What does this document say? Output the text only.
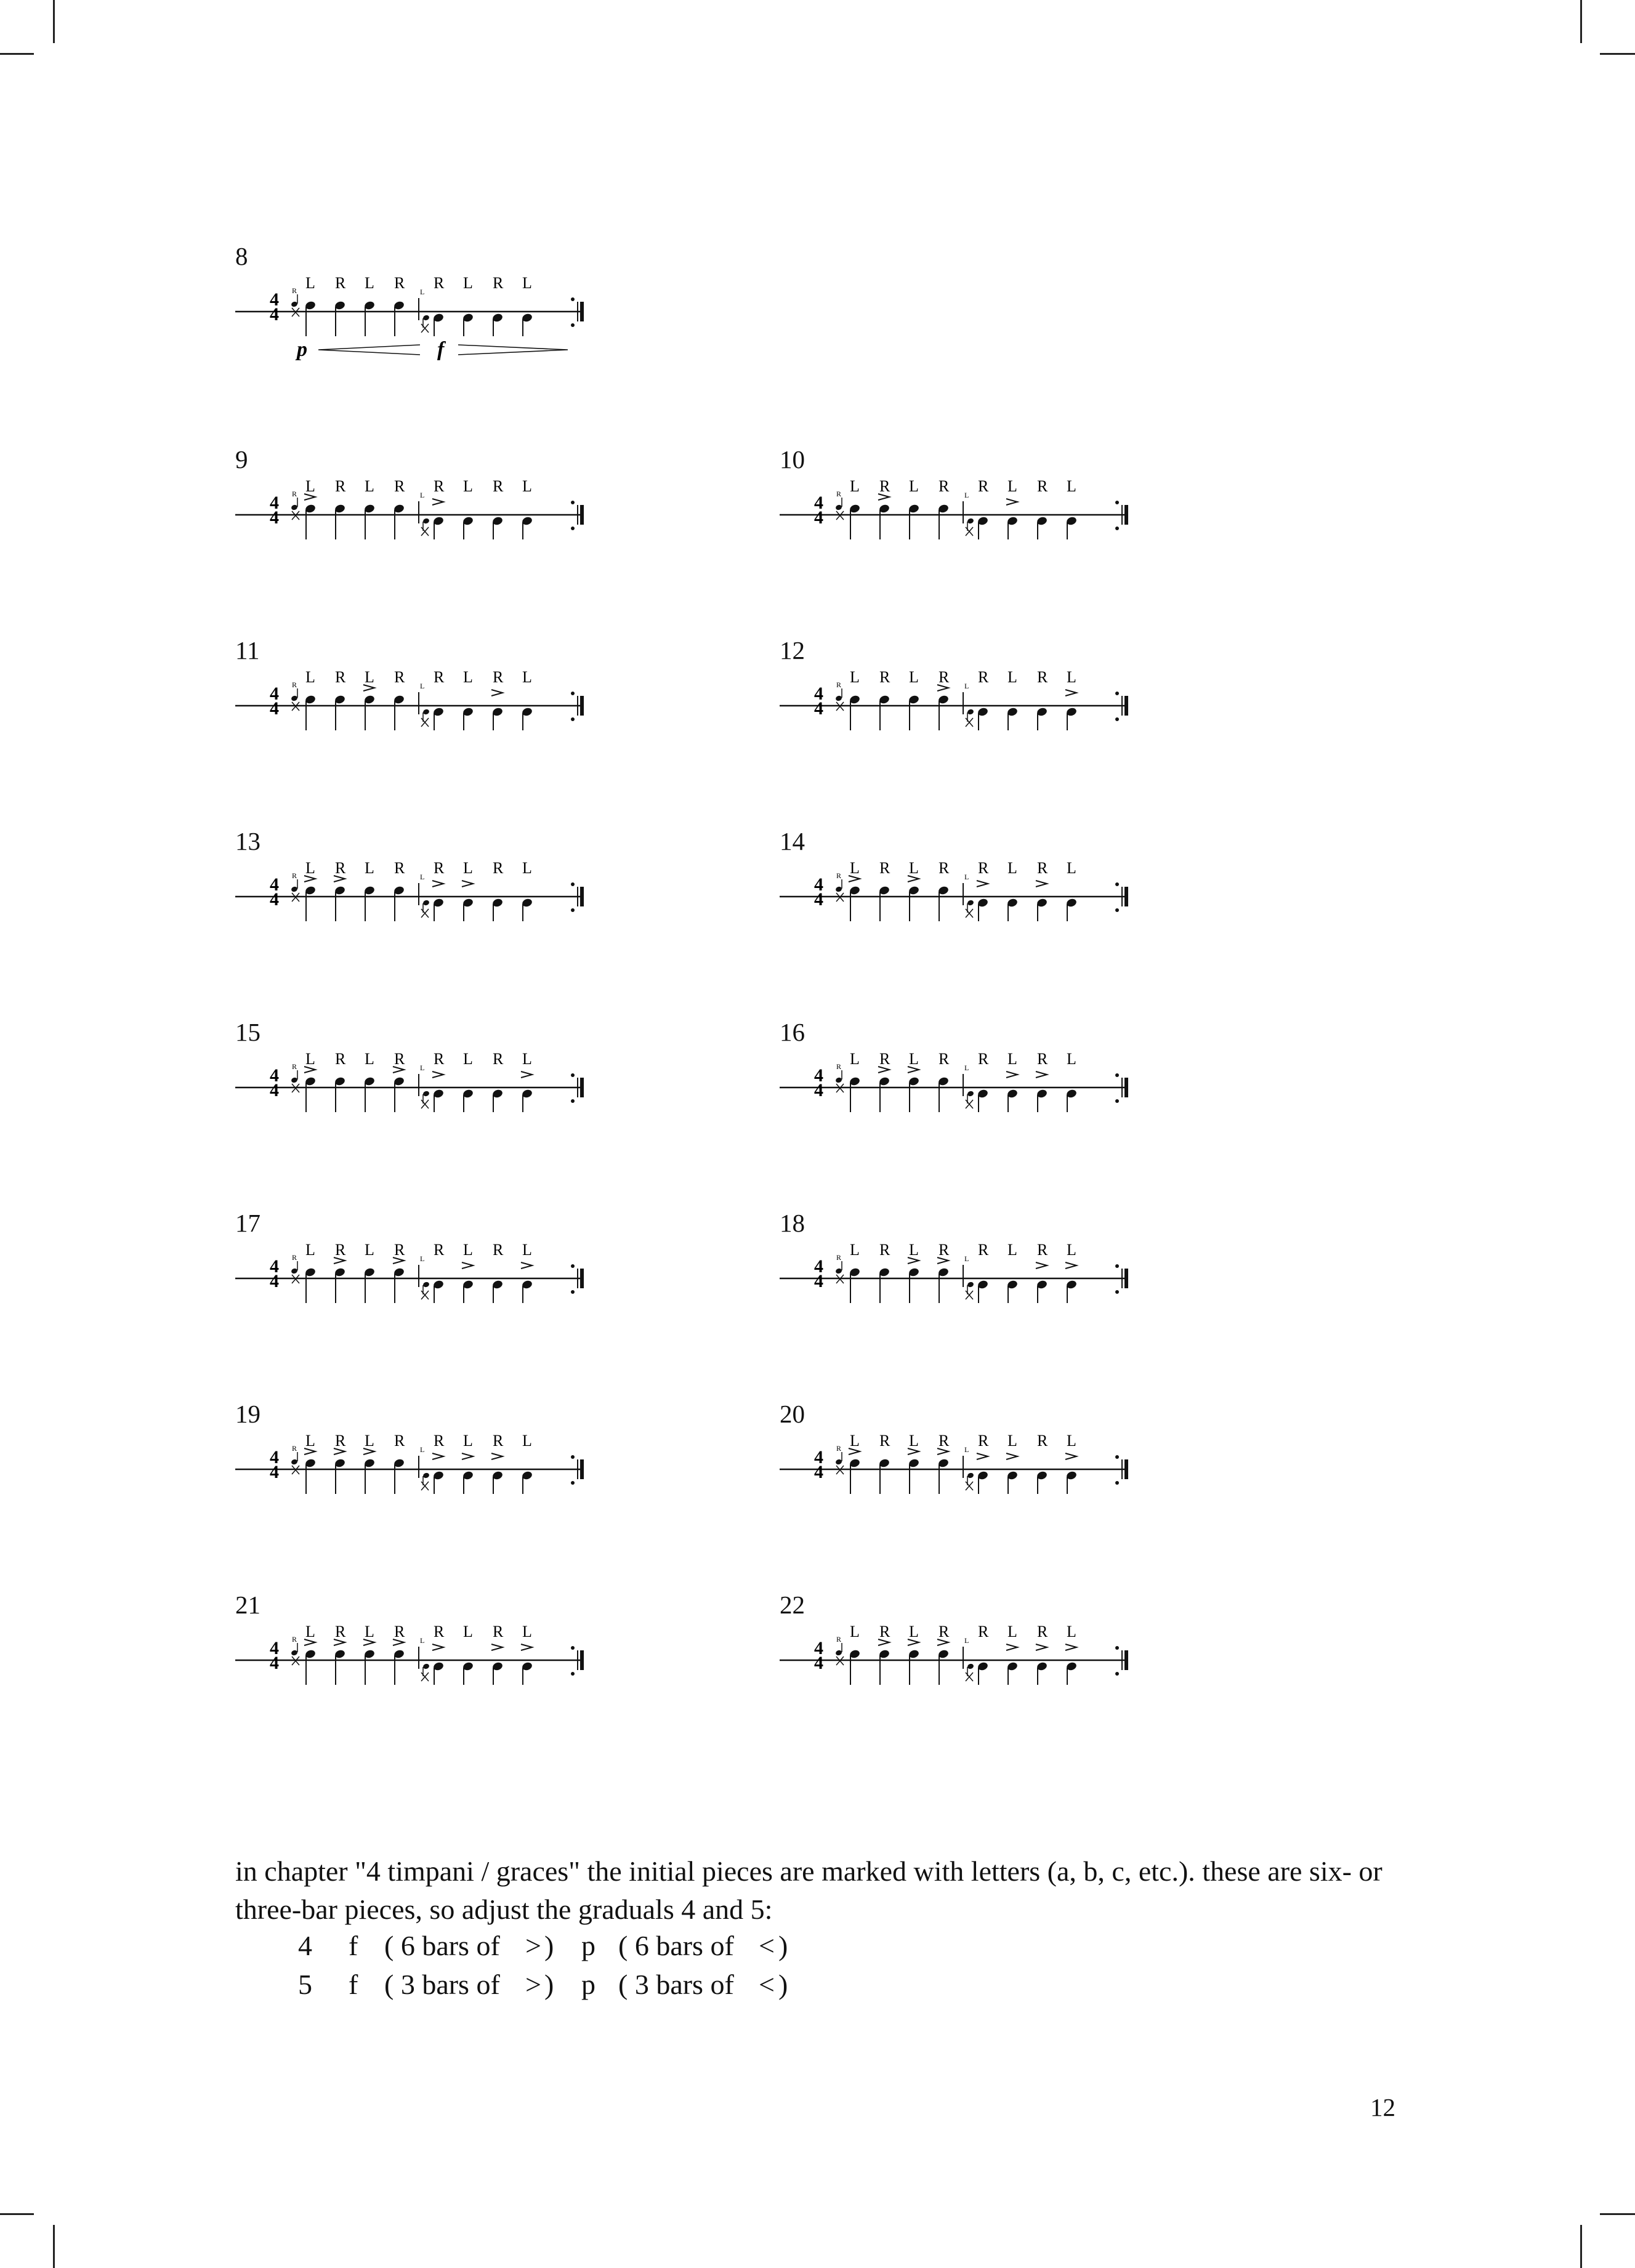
8
4
4
R L R L R L R L R L
p	f
9
4
4
R L R L R L R L R L
10
4
4
R L R L R L R L R L
11
4
4
R L R L R L R L R L
12
4
4
R L R L R L R L R L
13
4
4
R L R L R L R L R L
14
4
4
R L R L R L R L R L
15
4
4
R L R L R L R L R L
16
4
4
R L R L R L R L R L
17
4
4
R L R L R L R L R L
18
4
4
R L R L R L R L R L
19
4
4
R L R L R L R L R L
20
4
4
R L R L R L R L R L
21
4
4
R L R L R L R L R L
22
4
4
R L R L R L R L R L
in chapter "4 timpani / graces" the initial pieces are marked with letters (a, b, c, etc.). these are six- or three-bar pieces, so adjust the graduals 4 and 5:
12
4 f ( 6 bars of > ) p ( 6 bars of < )
5 f ( 3 bars of > ) p ( 3 bars of < )
